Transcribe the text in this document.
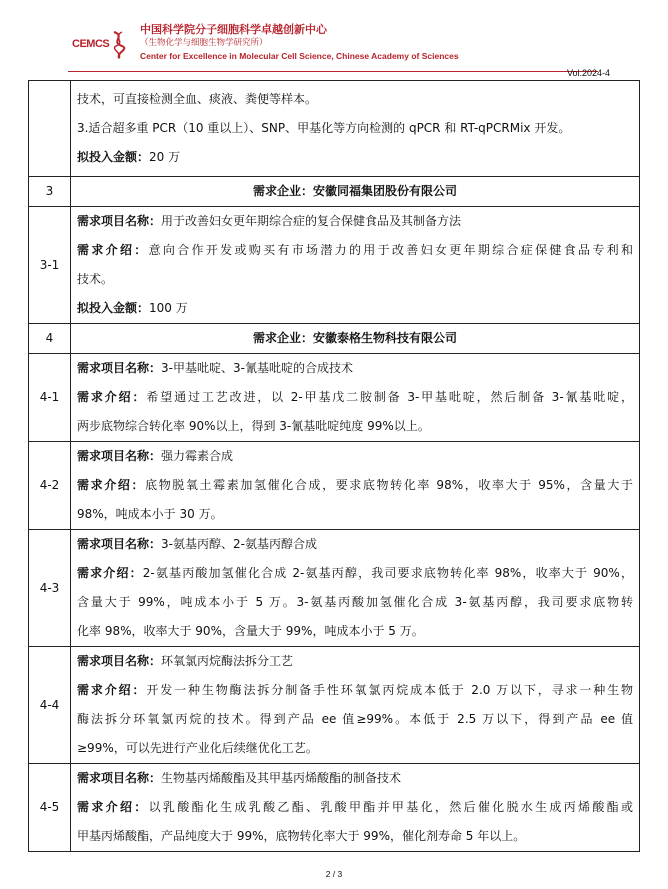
CEMCS
中国科学院分子细胞科学卓越创新中心
（生物化学与细胞生物学研究所）
Center for Excellence in Molecular Cell Science, Chinese Academy of Sciences
Vol.2024-4

	技术，可直接检测全血、痰液、粪便等样本。
3.适合超多重 PCR（10 重以上）、SNP、甲基化等方向检测的 qPCR 和 RT-qPCRMix 开发。
拟投入金额：20 万

3	需求企业：安徽同福集团股份有限公司
3-1	需求项目名称：用于改善妇女更年期综合症的复合保健食品及其制备方法
需求介绍：意向合作开发或购买有市场潜力的用于改善妇女更年期综合症保健食品专利和
技术。
拟投入金额：100 万

4	需求企业：安徽泰格生物科技有限公司
4-1	需求项目名称：3-甲基吡啶、3-氰基吡啶的合成技术
需求介绍：希望通过工艺改进，以 2-甲基戊二胺制备 3-甲基吡啶，然后制备 3-氰基吡啶，
两步底物综合转化率 90%以上，得到 3-氰基吡啶纯度 99%以上。

4-2	需求项目名称：强力霉素合成
需求介绍：底物脱氧土霉素加氢催化合成，要求底物转化率 98%，收率大于 95%，含量大于
98%，吨成本小于 30 万。

4-3	需求项目名称：3-氨基丙醇、2-氨基丙醇合成
需求介绍：2-氨基丙酸加氢催化合成 2-氨基丙醇，我司要求底物转化率 98%，收率大于 90%，
含量大于 99%，吨成本小于 5 万。3-氨基丙酸加氢催化合成 3-氨基丙醇，我司要求底物转
化率 98%，收率大于 90%，含量大于 99%，吨成本小于 5 万。

4-4	需求项目名称：环氧氯丙烷酶法拆分工艺
需求介绍：开发一种生物酶法拆分制备手性环氧氯丙烷成本低于 2.0 万以下，寻求一种生物
酶法拆分环氧氯丙烷的技术。得到产品 ee 值≥99%。本低于 2.5 万以下，得到产品 ee 值
≥99%，可以先进行产业化后续继优化工艺。

4-5	需求项目名称：生物基丙烯酸酯及其甲基丙烯酸酯的制备技术
需求介绍：以乳酸酯化生成乳酸乙酯、乳酸甲酯并甲基化，然后催化脱水生成丙烯酸酯或
甲基丙烯酸酯，产品纯度大于 99%，底物转化率大于 99%，催化剂寿命 5 年以上。
2 / 3
